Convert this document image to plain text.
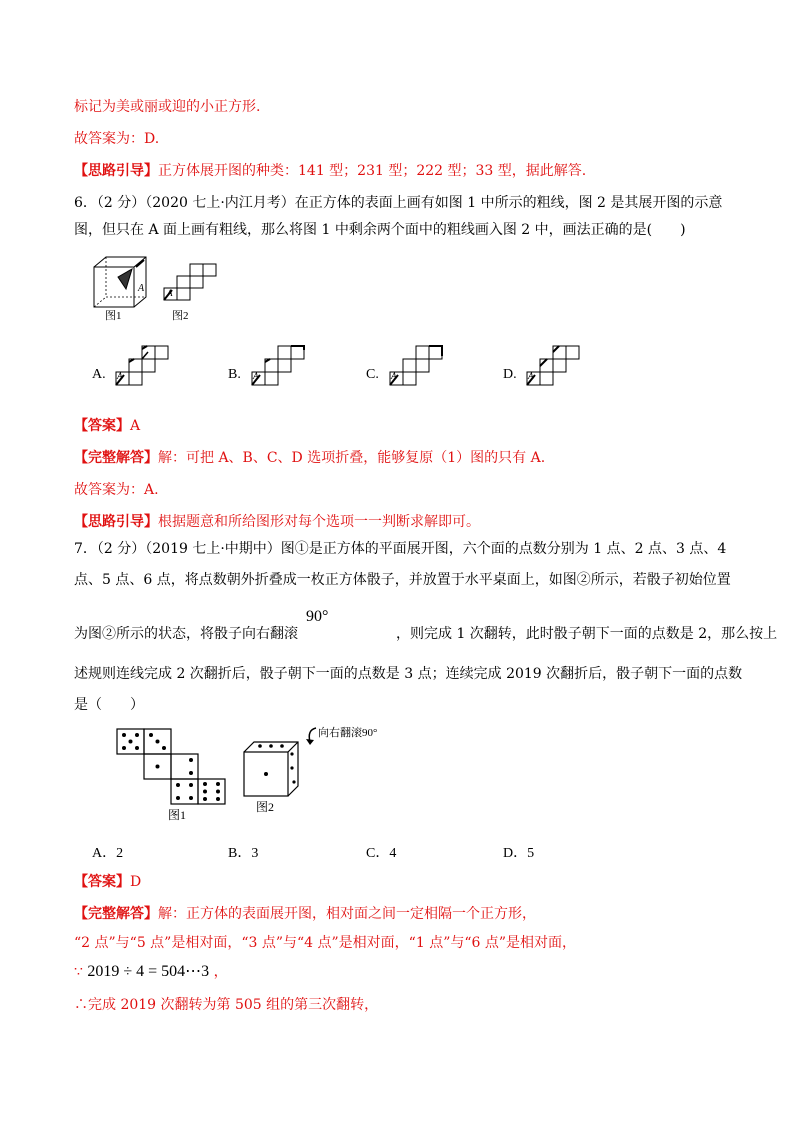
标记为美或丽或迎的小正方形.
故答案为：D.
【思路引导】正方体展开图的种类：141 型；231 型；222 型；33 型，据此解答.
6．（2 分）（2020 七上·内江月考）在正方体的表面上画有如图 1 中所示的粗线，图 2 是其展开图的示意
图，但只在 A 面上画有粗线，那么将图 1 中剩余两个面中的粗线画入图 2 中，画法正确的是(　　)
A
图1
A
图2
A. A	B. A	C. A	D. A
【答案】A
【完整解答】解：可把 A、B、C、D 选项折叠，能够复原（1）图的只有 A.
故答案为：A.
【思路引导】根据题意和所给图形对每个选项一一判断求解即可。
7．（2 分）（2019 七上·中期中）图①是正方体的平面展开图，六个面的点数分别为 1 点、2 点、3 点、4
点、5 点、6 点，将点数朝外折叠成一枚正方体骰子，并放置于水平桌面上，如图②所示，若骰子初始位置
为图②所示的状态，将骰子向右翻滚	，则完成 1 次翻转，此时骰子朝下一面的点数是 2，那么按上
90°
述规则连线完成 2 次翻折后，骰子朝下一面的点数是 3 点；连续完成 2019 次翻折后，骰子朝下一面的点数
是（　　）
图1
图2
向右翻滚90°
A．2	B．3	C．4	D．5
【答案】D
【完整解答】解：正方体的表面展开图，相对面之间一定相隔一个正方形，
“2 点”与“5 点”是相对面，“3 点”与“4 点”是相对面，“1 点”与“6 点”是相对面，
∵ 2019 ÷ 4 = 504⋯3 ，
∴完成 2019 次翻转为第 505 组的第三次翻转，
